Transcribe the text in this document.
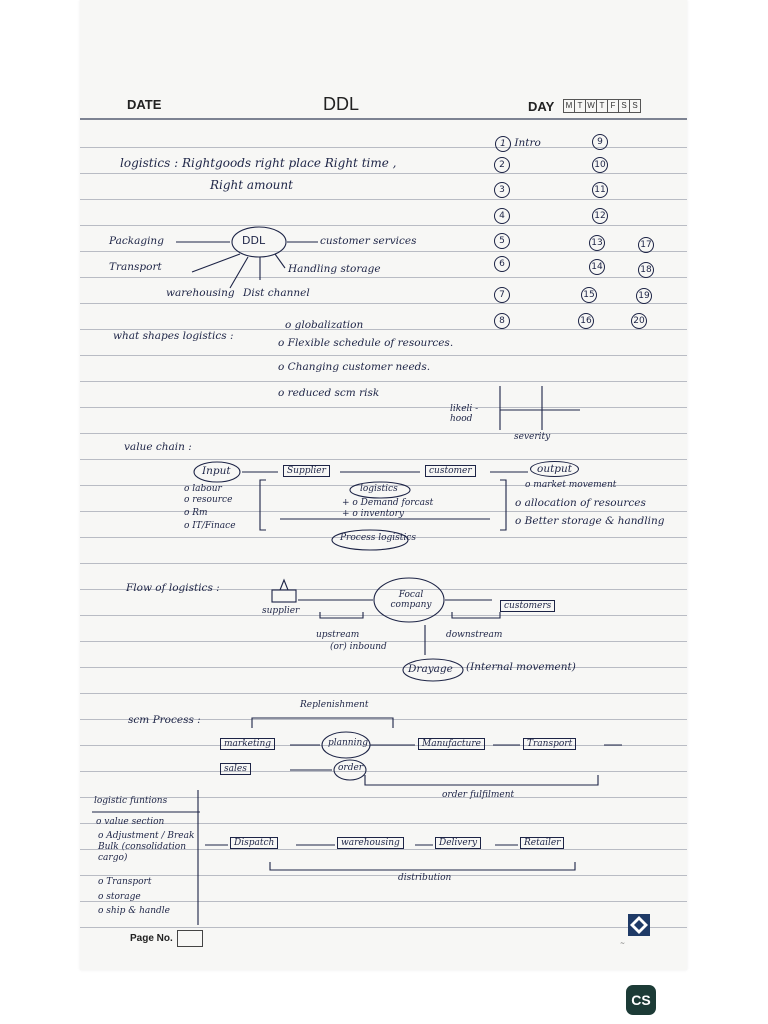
DATE	DDL	DAY	M T W T F S S
logistics : Rightgoods right place Right time ,
Right amount
1 Intro
2
3
4
5
6
7
8
9
10
11
12
13
14
15
16
17
18
19
20
DDL
Packaging	customer services
Transport	Handling storage
warehousing Dist channel
what shapes logistics :
o globalization
o Flexible schedule of resources.
o Changing customer needs.
o reduced scm risk
likeli -hood
severity
value chain :
Input	Supplier	customer	output
o labour
o resource
o Rm
o IT/Finace
logistics
+ o Demand forcast
+ o inventory
Process logistics
o market movement
o allocation of resources
o Better storage & handling
Flow of logistics :
supplier
Focal company	customers
upstream
(or) inbound
downstream
Drayage (Internal movement)
scm Process :
Replenishment
marketing	planning	Manufacture	Transport
sales	order
order fulfilment
logistic funtions
o value section
o Adjustment / Break Bulk (consolidation cargo)
o Transport
o storage
o ship & handle
Dispatch	warehousing	Delivery	Retailer
distribution
Page No.	~
CS
